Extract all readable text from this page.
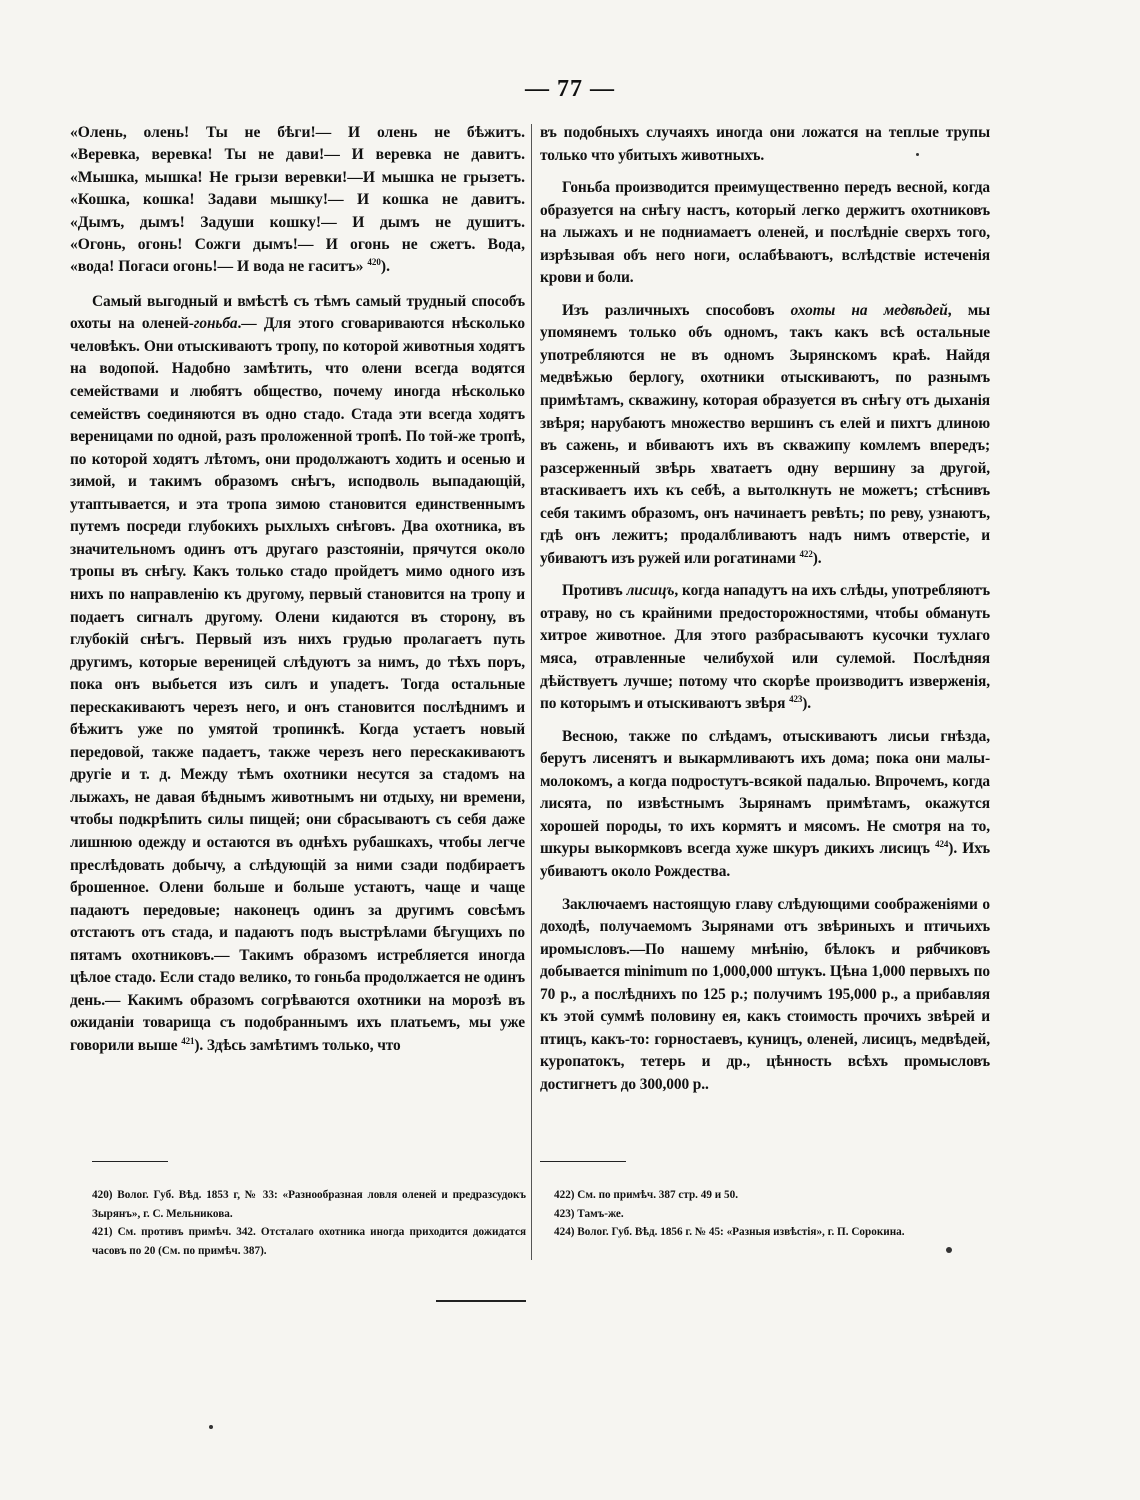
— 77 —

«Олень, олень! Ты не бѣги!— И олень не бѣжитъ.

«Веревка, веревка! Ты не дави!— И веревка не давитъ.

«Мышка, мышка! Не грызи веревки!—И мышка не грызетъ.

«Кошка, кошка! Задави мышку!— И кошка не давитъ.

«Дымъ, дымъ! Задуши кошку!— И дымъ не душитъ.

«Огонь, огонь! Сожги дымъ!— И огонь не сжетъ. Вода,

«вода! Погаси огонь!— И вода не гаситъ» $^{420}$).

Самый выгодный и вмѣстѣ съ тѣмъ самый трудный способъ охоты на оленей-гоньба.— Для этого сговариваются нѣсколько человѣкъ. Они отыскиваютъ тропу, по которой животныя ходятъ на водопой. Надобно замѣтить, что олени всегда водятся семействами и любятъ общество, почему иногда нѣсколько семействъ соединяются въ одно стадо. Стада эти всегда ходятъ вереницами по одной, разъ проложенной тропѣ. По той-же тропѣ, по которой ходятъ лѣтомъ, они продолжаютъ ходить и осенью и зимой, и такимъ образомъ снѣгъ, исподволь выпадающій, утаптывается, и эта тропа зимою становится единственнымъ путемъ посреди глубокихъ рыхлыхъ снѣговъ. Два охотника, въ значительномъ одинъ отъ другаго разстояніи, прячутся около тропы въ снѣгу. Какъ только стадо пройдетъ мимо одного изъ нихъ по направленію къ другому, первый становится на тропу и подаетъ сигналъ другому. Олени кидаются въ сторону, въ глубокій снѣгъ. Первый изъ нихъ грудью пролагаетъ путь другимъ, которые вереницей слѣдуютъ за нимъ, до тѣхъ поръ, пока онъ выбьется изъ силъ и упадетъ. Тогда остальные перескакиваютъ черезъ него, и онъ становится послѣднимъ и бѣжитъ уже по умятой тропинкѣ. Когда устаетъ новый передовой, также падаетъ, также черезъ него перескакиваютъ другіе и т. д. Между тѣмъ охотники несутся за стадомъ на лыжахъ, не давая бѣднымъ животнымъ ни отдыху, ни времени, чтобы подкрѣпить силы пищей; они сбрасываютъ съ себя даже лишнюю одежду и остаются въ однѣхъ рубашкахъ, чтобы легче преслѣдовать добычу, а слѣдующій за ними сзади подбираетъ брошенное. Олени больше и больше устаютъ, чаще и чаще падаютъ передовые; наконецъ одинъ за другимъ совсѣмъ отстаютъ отъ стада, и падаютъ подъ выстрѣлами бѣгущихъ по пятамъ охотниковъ.— Такимъ образомъ истребляется иногда цѣлое стадо. Если стадо велико, то гоньба продолжается не одинъ день.— Какимъ образомъ согрѣваются охотники на морозѣ въ ожиданіи товарища съ подобраннымъ ихъ платьемъ, мы уже говорили выше $^{421}$). Здѣсь замѣтимъ только, что

въ подобныхъ случаяхъ иногда они ложатся на теплые трупы только что убитыхъ животныхъ.

Гоньба производится преимущественно передъ весной, когда образуется на снѣгу настъ, который легко держитъ охотниковъ на лыжахъ и не подниамаетъ оленей, и послѣдніе сверхъ того, изрѣзывая объ него ноги, ослабѣваютъ, вслѣдствіе истеченія крови и боли.

Изъ различныхъ способовъ охоты на медвѣдей, мы упомянемъ только объ одномъ, такъ какъ всѣ остальные употребляются не въ одномъ Зырянскомъ краѣ. Найдя медвѣжью берлогу, охотники отыскиваютъ, по разнымъ примѣтамъ, скважину, которая образуется въ снѣгу отъ дыханія звѣря; нарубаютъ множество вершинъ съ елей и пихтъ длиною въ сажень, и вбиваютъ ихъ въ скважипу комлемъ впередъ; разсерженный звѣрь хватаетъ одну вершину за другой, втаскиваетъ ихъ къ себѣ, а вытолкнуть не можетъ; стѣснивъ себя такимъ образомъ, онъ начинаетъ ревѣть; по реву, узнаютъ, гдѣ онъ лежитъ; продалбливаютъ надъ нимъ отверстіе, и убиваютъ изъ ружей или рогатинами $^{422}$).

Противъ лисицъ, когда нападутъ на ихъ слѣды, употребляютъ отраву, но съ крайними предосторожностями, чтобы обмануть хитрое животное. Для этого разбрасываютъ кусочки тухлаго мяса, отравленные челибухой или сулемой. Послѣдняя дѣйствуетъ лучше; потому что скорѣе производитъ изверженія, по которымъ и отыскиваютъ звѣря $^{423}$).

Весною, также по слѣдамъ, отыскиваютъ лисьи гнѣзда, берутъ лисенятъ и выкармливаютъ ихъ дома; пока они малы-молокомъ, а когда подростутъ-всякой падалью. Впрочемъ, когда лисята, по извѣстнымъ Зырянамъ примѣтамъ, окажутся хорошей породы, то ихъ кормятъ и мясомъ. Не смотря на то, шкуры выкормковъ всегда хуже шкуръ дикихъ лисицъ $^{424}$). Ихъ убиваютъ около Рождества.

Заключаемъ настоящую главу слѣдующими соображеніями о доходѣ, получаемомъ Зырянами отъ звѣриныхъ и птичьихъ иромысловъ.—По нашему мнѣнію, бѣлокъ и рябчиковъ добывается minimum по 1,000,000 штукъ. Цѣна 1,000 первыхъ по 70 р., а послѣднихъ по 125 р.; получимъ 195,000 р., а прибавляя къ этой суммѣ половину ея, какъ стоимость прочихъ звѣрей и птицъ, какъ-то: горностаевъ, куницъ, оленей, лисицъ, медвѣдей, куропатокъ, тетерь и др., цѣнность всѣхъ промысловъ достигнетъ до 300,000 р..

420) Волог. Губ. Вѣд. 1853 г, № 33: «Разнообразная ловля оленей и предразсудокъ Зырянъ», г. С. Мельникова.

421) См. противъ примѣч. 342. Отсталаго охотника иногда приходится дожидатся часовъ по 20 (См. по примѣч. 387).

422) См. по примѣч. 387 стр. 49 и 50.

423) Тамъ-же.

424) Волог. Губ. Вѣд. 1856 г. № 45: «Разныя извѣстія», г. П. Сорокина.
